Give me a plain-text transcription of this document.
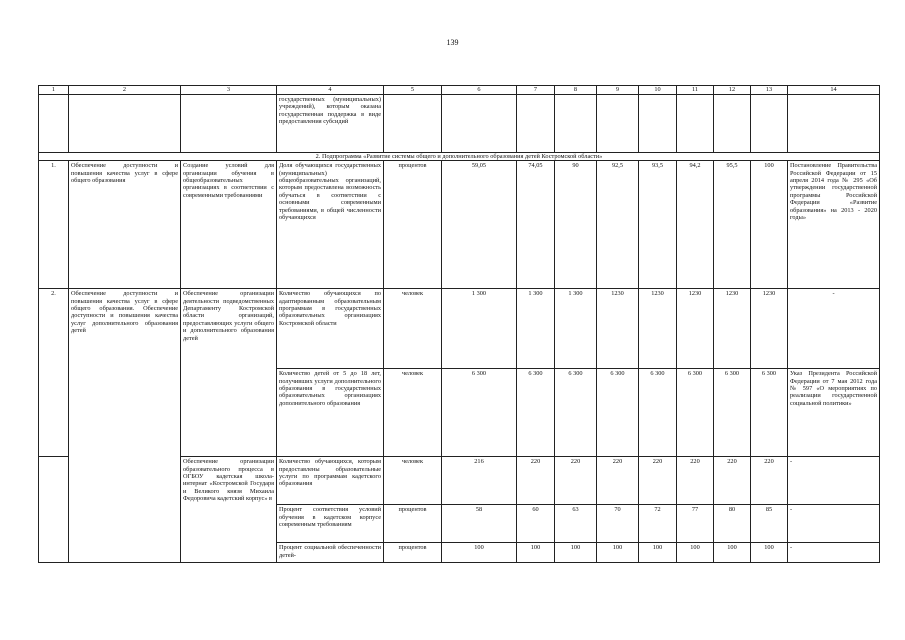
139
1	2	3	4	5	6	7	8	9	10	11	12	13	14
			государственных (муниципальных) учреждений), которым оказана государственная поддержка в виде предоставления субсидий										
2. Подпрограмма «Развитие системы общего и дополнительного образования детей Костромской области»													
1.	Обеспечение доступности и повышения качества услуг в сфере общего образования	Создание условий для организации обучения в общеобразовательных организациях в соответствии с современными требованиями	Доля обучающихся государственных (муниципальных) общеобразовательных организаций, которым предоставлена возможность обучаться в соответствии с основными современными требованиями, в общей численности обучающихся	процентов	59,05	74,05	90	92,5	93,5	94,2	95,5	100	Постановление Правительства Российской Федерации от 15 апреля 2014 года № 295 «Об утверждении государственной программы Российской Федерации «Развитие образования» на 2013 - 2020 годы»
2.	Обеспечение доступности и повышения качества услуг в сфере общего образования. Обеспечение доступности и повышения качества услуг дополнительного образования детей	Обеспечение организации деятельности подведомственных Департаменту Костромской области организаций, предоставляющих услуги общего и дополнительного образования детей	Количество обучающихся по адаптированным образовательным программам в государственных образовательных организациях Костромской области	человек	1 300	1 300	1 300	1230	1230	1230	1230	1230	-
			Количество детей от 5 до 18 лет, получивших услуги дополнительного образования в государственных образовательных организациях дополнительного образования	человек	6 300	6 300	6 300	6 300	6 300	6 300	6 300	6 300	Указ Президента Российской Федерации от 7 мая 2012 года № 597 «О мероприятиях по реализации государственной социальной политики»
		Обеспечение организации образовательного процесса в ОГБОУ кадетская школа-интернат «Костромской Государя и Великого князя Михаила Федоровича кадетский корпус» в	Количество обучающихся, которым предоставлены образовательные услуги по программам кадетского образования	человек	216	220	220	220	220	220	220	220	-
			Процент соответствия условий обучения в кадетском корпусе современным требованиям	процентов	58	60	63	70	72	77	80	85	-
			Процент социальной обеспеченности детей-	процентов	100	100	100	100	100	100	100	100	-
